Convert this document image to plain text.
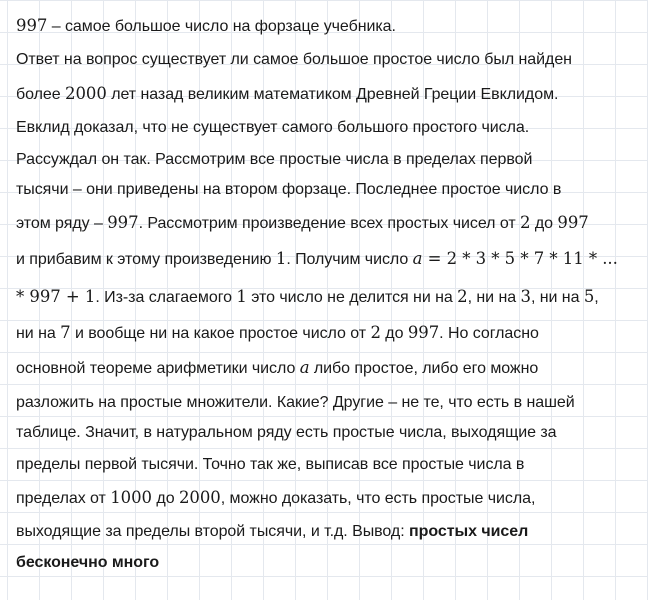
997 – самое большое число на форзаце учебника.
Ответ на вопрос существует ли самое большое простое число был найден
более 2000 лет назад великим математиком Древней Греции Евклидом.
Евклид доказал, что не существует самого большого простого числа.
Рассуждал он так. Рассмотрим все простые числа в пределах первой
тысячи – они приведены на втором форзаце. Последнее простое число в
этом ряду – 997. Рассмотрим произведение всех простых чисел от 2 до 997
и прибавим к этому произведению 1. Получим число a = 2 * 3 * 5 * 7 * 11 * ...
* 997 + 1. Из-за слагаемого 1 это число не делится ни на 2, ни на 3, ни на 5,
ни на 7 и вообще ни на какое простое число от 2 до 997. Но согласно
основной теореме арифметики число a либо простое, либо его можно
разложить на простые множители. Какие? Другие – не те, что есть в нашей
таблице. Значит, в натуральном ряду есть простые числа, выходящие за
пределы первой тысячи. Точно так же, выписав все простые числа в
пределах от 1000 до 2000, можно доказать, что есть простые числа,
выходящие за пределы второй тысячи, и т.д. Вывод: простых чисел
бесконечно много
